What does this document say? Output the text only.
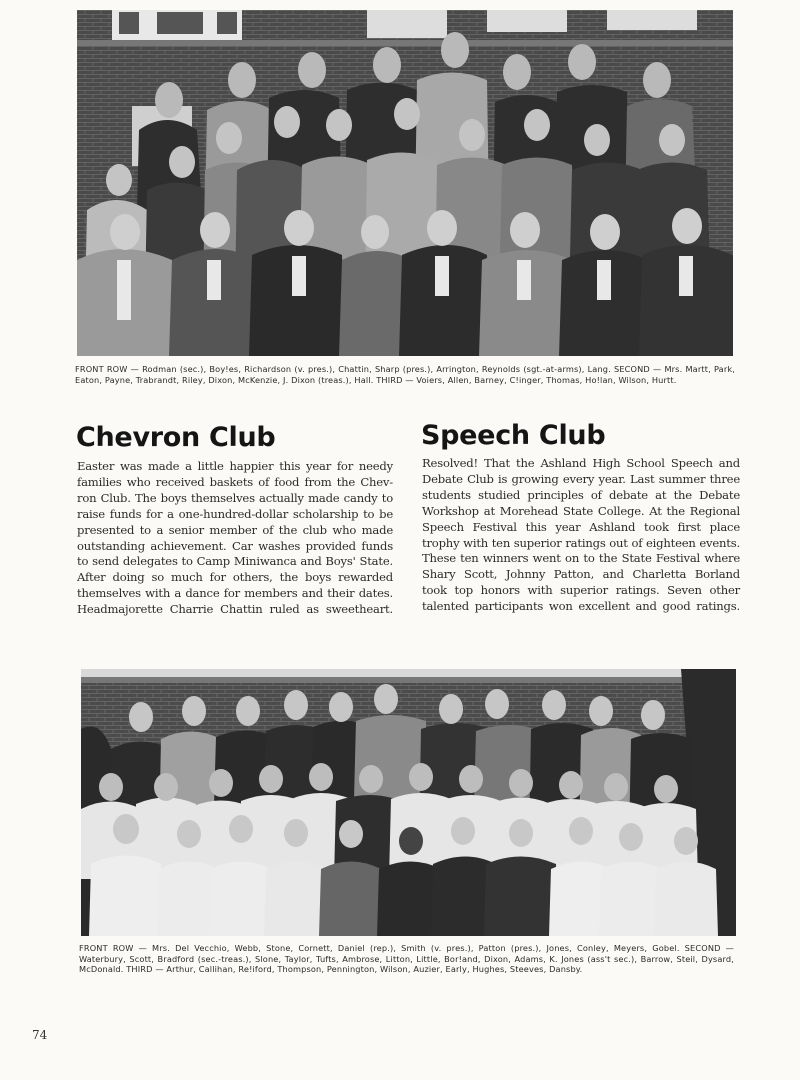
FRONT ROW — Rodman (sec.), Boy!es, Richardson (v. pres.), Chattin, Sharp (pres.), Arrington, Reynolds (sgt.-at-arms), Lang. SECOND — Mrs. Martt, Park, Eaton, Payne, Trabrandt, Riley, Dixon, McKenzie, J. Dixon (treas.), Hall. THIRD — Voiers, Allen, Barney, C!inger, Thomas, Ho!lan, Wilson, Hurtt.
Chevron Club
Easter was made a little happier this year for needy
families who received baskets of food from the Chev-
ron Club. The boys themselves actually made candy to
raise funds for a one-hundred-dollar scholarship to be
presented to a senior member of the club who made
outstanding achievement. Car washes provided funds
to send delegates to Camp Miniwanca and Boys' State.
After doing so much for others, the boys rewarded
themselves with a dance for members and their dates.
Headmajorette Charrie Chattin ruled as sweetheart.
Speech Club
Resolved! That the Ashland High School Speech and
Debate Club is growing every year. Last summer three
students studied principles of debate at the Debate
Workshop at Morehead State College. At the Regional
Speech Festival this year Ashland took first place
trophy with ten superior ratings out of eighteen events.
These ten winners went on to the State Festival where
Shary Scott, Johnny Patton, and Charletta Borland
took top honors with superior ratings. Seven other
talented participants won excellent and good ratings.
FRONT ROW — Mrs. Del Vecchio, Webb, Stone, Cornett, Daniel (rep.), Smith (v. pres.), Patton (pres.), Jones, Conley, Meyers, Gobel. SECOND — Waterbury, Scott, Bradford (sec.-treas.), Slone, Taylor, Tufts, Ambrose, Litton, Little, Bor!and, Dixon, Adams, K. Jones (ass't sec.), Barrow, Steil, Dysard, McDonald. THIRD — Arthur, Callihan, Re!iford, Thompson, Pennington, Wilson, Auzier, Early, Hughes, Steeves, Dansby.
74
